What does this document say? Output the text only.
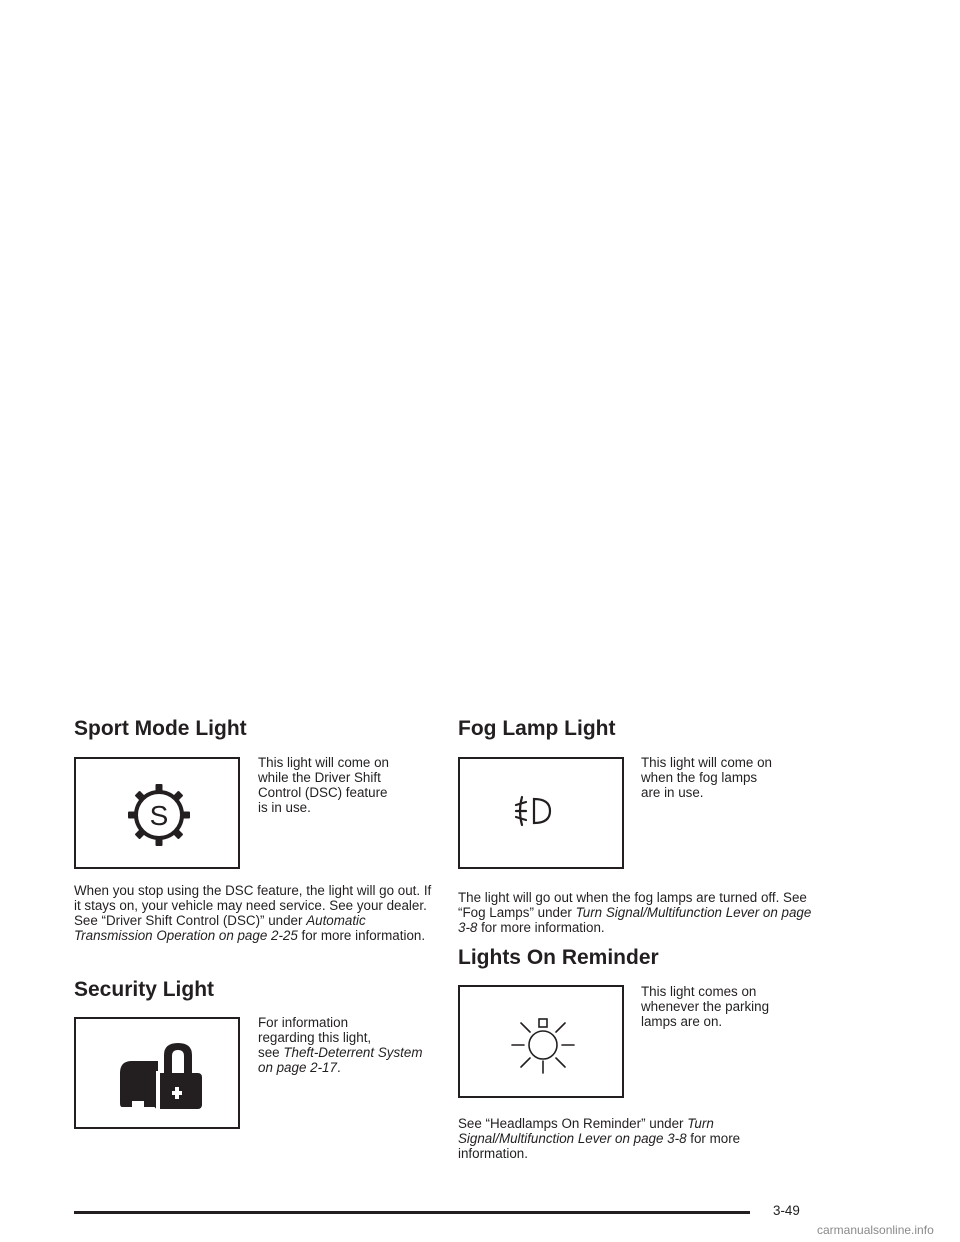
Sport Mode Light
S
This light will come on
while the Driver Shift
Control (DSC) feature
is in use.
When you stop using the DSC feature, the light will go out. If it stays on, your vehicle may need service. See your dealer. See “Driver Shift Control (DSC)” under Automatic Transmission Operation on page 2-25 for more information.
Security Light
For information
regarding this light,
see Theft-Deterrent System on page 2-17.
Fog Lamp Light
This light will come on
when the fog lamps
are in use.
The light will go out when the fog lamps are turned off. See “Fog Lamps” under Turn Signal/Multifunction Lever on page 3-8 for more information.
Lights On Reminder
This light comes on
whenever the parking
lamps are on.
See “Headlamps On Reminder” under Turn Signal/Multifunction Lever on page 3-8 for more information.
3-49
carmanualsonline.info
